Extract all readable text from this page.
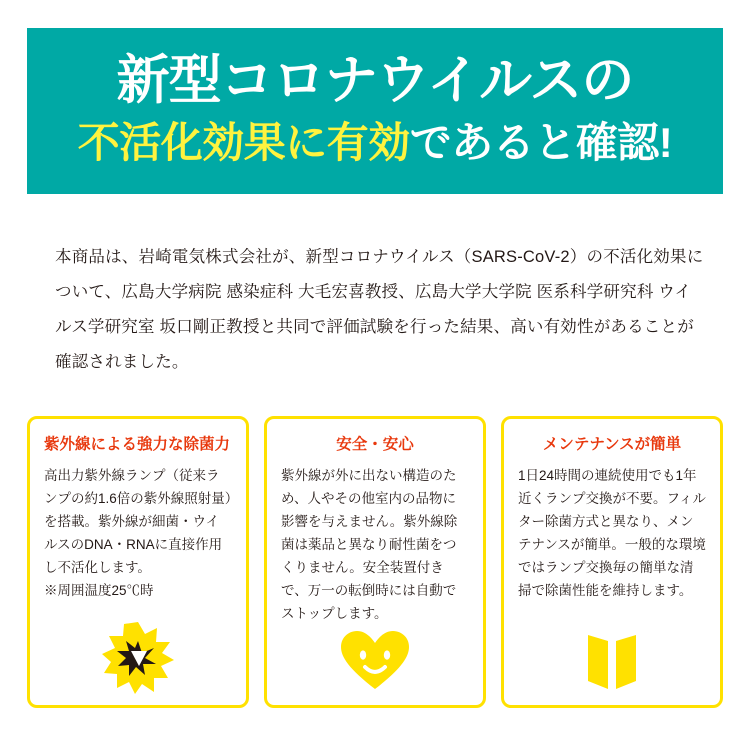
新型コロナウイルスの
不活化効果に有効であると確認!
本商品は、岩崎電気株式会社が、新型コロナウイルス（SARS-CoV-2）の不活化効果について、広島大学病院 感染症科 大毛宏喜教授、広島大学大学院 医系科学研究科 ウイルス学研究室 坂口剛正教授と共同で評価試験を行った結果、高い有効性があることが確認されました。
紫外線による強力な除菌力
高出力紫外線ランプ（従来ランプの約1.6倍の紫外線照射量）を搭載。紫外線が細菌・ウイルスのDNA・RNAに直接作用し不活化します。
※周囲温度25℃時
安全・安心
紫外線が外に出ない構造のため、人やその他室内の品物に影響を与えません。紫外線除菌は薬品と異なり耐性菌をつくりません。安全装置付きで、万一の転倒時には自動でストップします。
メンテナンスが簡単
1日24時間の連続使用でも1年近くランプ交換が不要。フィルター除菌方式と異なり、メンテナンスが簡単。一般的な環境ではランプ交換毎の簡単な清掃で除菌性能を維持します。
